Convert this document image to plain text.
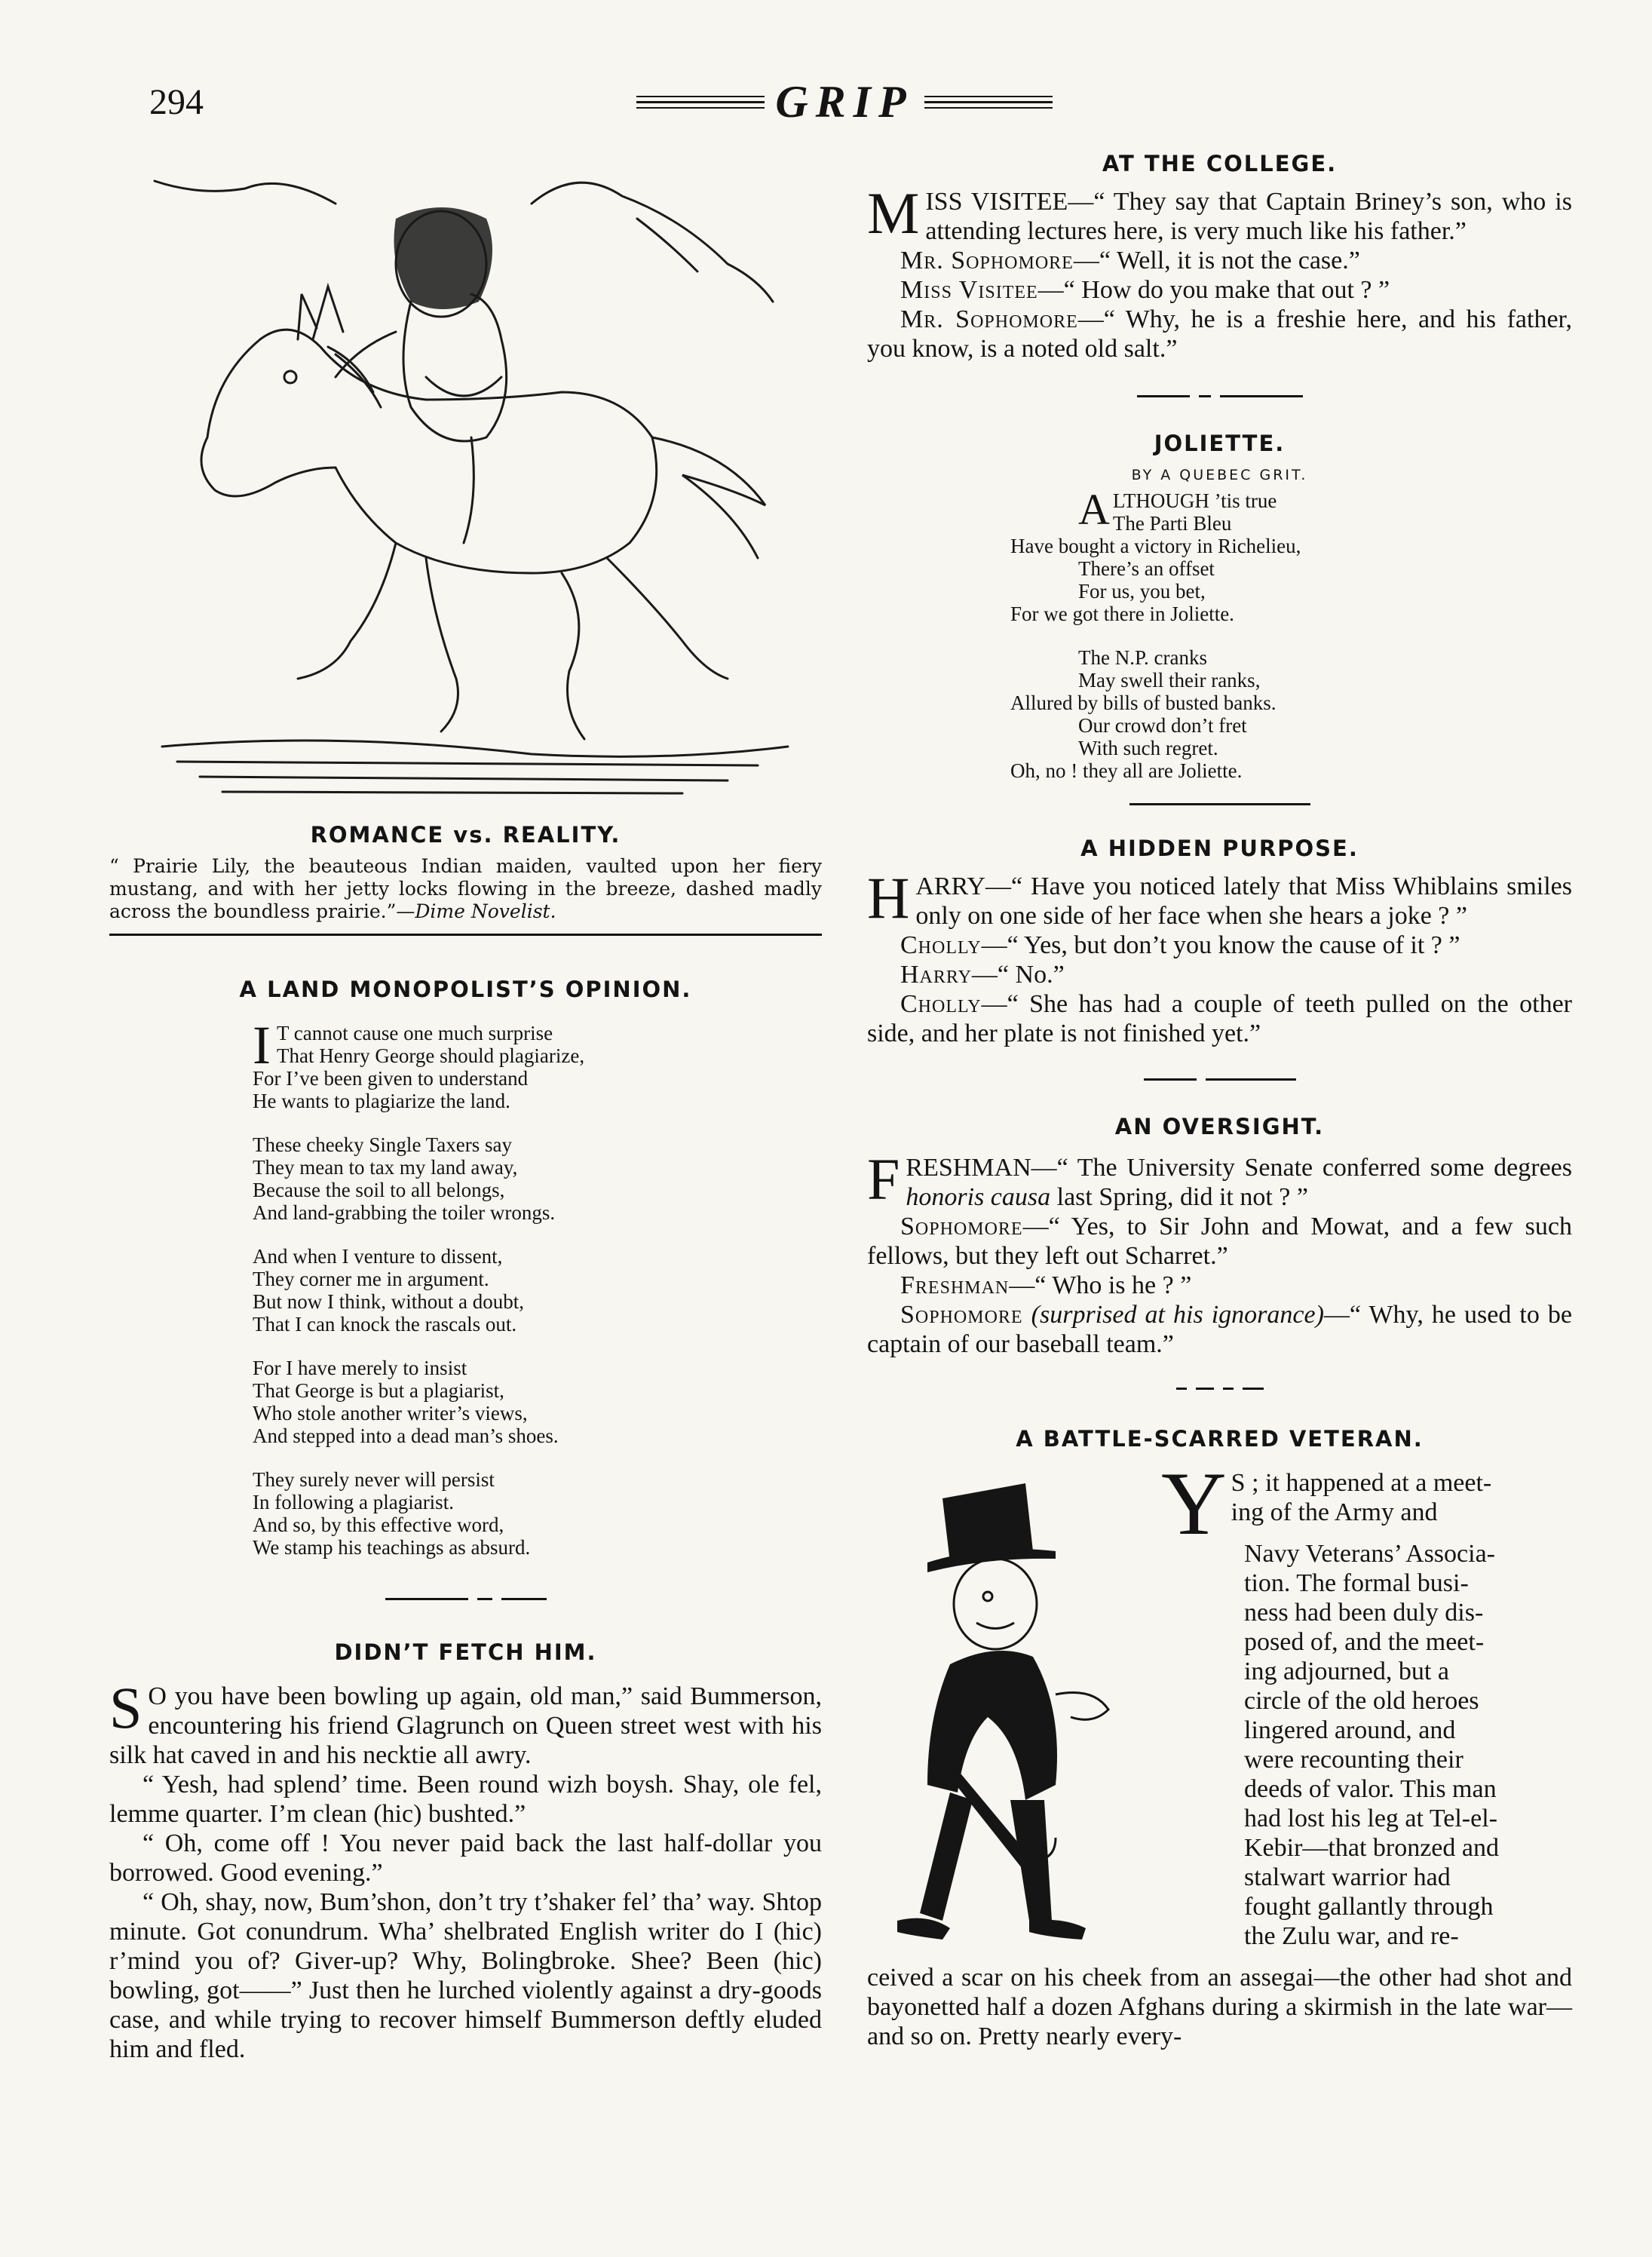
294	GRIP
ROMANCE vs. REALITY.

“ Prairie Lily, the beauteous Indian maiden, vaulted upon her fiery mustang, and with her jetty locks flowing in the breeze, dashed madly across the boundless prairie.”—Dime Novelist.

A LAND MONOPOLIST’S OPINION.
I T cannot cause one much surprise
That Henry George should plagiarize,
For I’ve been given to understand
He wants to plagiarize the land.
These cheeky Single Taxers say
They mean to tax my land away,
Because the soil to all belongs,
And land-grabbing the toiler wrongs.
And when I venture to dissent,
They corner me in argument.
But now I think, without a doubt,
That I can knock the rascals out.
For I have merely to insist
That George is but a plagiarist,
Who stole another writer’s views,
And stepped into a dead man’s shoes.
They surely never will persist
In following a plagiarist.
And so, by this effective word,
We stamp his teachings as absurd.
DIDN’T FETCH HIM.

S O you have been bowling up again, old man,” said Bummerson, encountering his friend Glagrunch on Queen street west with his silk hat caved in and his necktie all awry.

“ Yesh, had splend’ time. Been round wizh boysh. Shay, ole fel, lemme quarter. I’m clean (hic) bushted.”

“ Oh, come off ! You never paid back the last half-dollar you borrowed. Good evening.”

“ Oh, shay, now, Bum’shon, don’t try t’shaker fel’ tha’ way. Shtop minute. Got conundrum. Wha’ shelbrated English writer do I (hic) r’mind you of? Giver-up? Why, Bolingbroke. Shee? Been (hic) bowling, got——” Just then he lurched violently against a dry-goods case, and while trying to recover himself Bummerson deftly eluded him and fled.

AT THE COLLEGE.

MISS VISITEE—“ They say that Captain Briney’s son, who is attending lectures here, is very much like his father.”

Mr. Sophomore—“ Well, it is not the case.”

Miss Visitee—“ How do you make that out ? ”

Mr. Sophomore—“ Why, he is a freshie here, and his father, you know, is a noted old salt.”

JOLIETTE.
BY A QUEBEC GRIT.
ALTHOUGH ’tis true
The Parti Bleu
Have bought a victory in Richelieu,
There’s an offset
For us, you bet,
For we got there in Joliette.
The N.P. cranks
May swell their ranks,
Allured by bills of busted banks.
Our crowd don’t fret
With such regret.
Oh, no ! they all are Joliette.
A HIDDEN PURPOSE.

HARRY—“ Have you noticed lately that Miss Whiblains smiles only on one side of her face when she hears a joke ? ”

Cholly—“ Yes, but don’t you know the cause of it ? ”

Harry—“ No.”

Cholly—“ She has had a couple of teeth pulled on the other side, and her plate is not finished yet.”

AN OVERSIGHT.

FRESHMAN—“ The University Senate conferred some degrees honoris causa last Spring, did it not ? ”

Sophomore—“ Yes, to Sir John and Mowat, and a few such fellows, but they left out Scharret.”

Freshman—“ Who is he ? ”

Sophomore (surprised at his ignorance)—“ Why, he used to be captain of our baseball team.”

A BATTLE-SCARRED VETERAN.
Y S ; it happened at a meet-
ing of the Army and
Navy Veterans’ Associa-
tion. The formal busi-
ness had been duly dis-
posed of, and the meet-
ing adjourned, but a
circle of the old heroes
lingered around, and
were recounting their
deeds of valor. This man
had lost his leg at Tel-el-
Kebir—that bronzed and
stalwart warrior had
fought gallantly through
the Zulu war, and re-

ceived a scar on his cheek from an assegai—the other had shot and bayonetted half a dozen Afghans during a skirmish in the late war—and so on. Pretty nearly every-
